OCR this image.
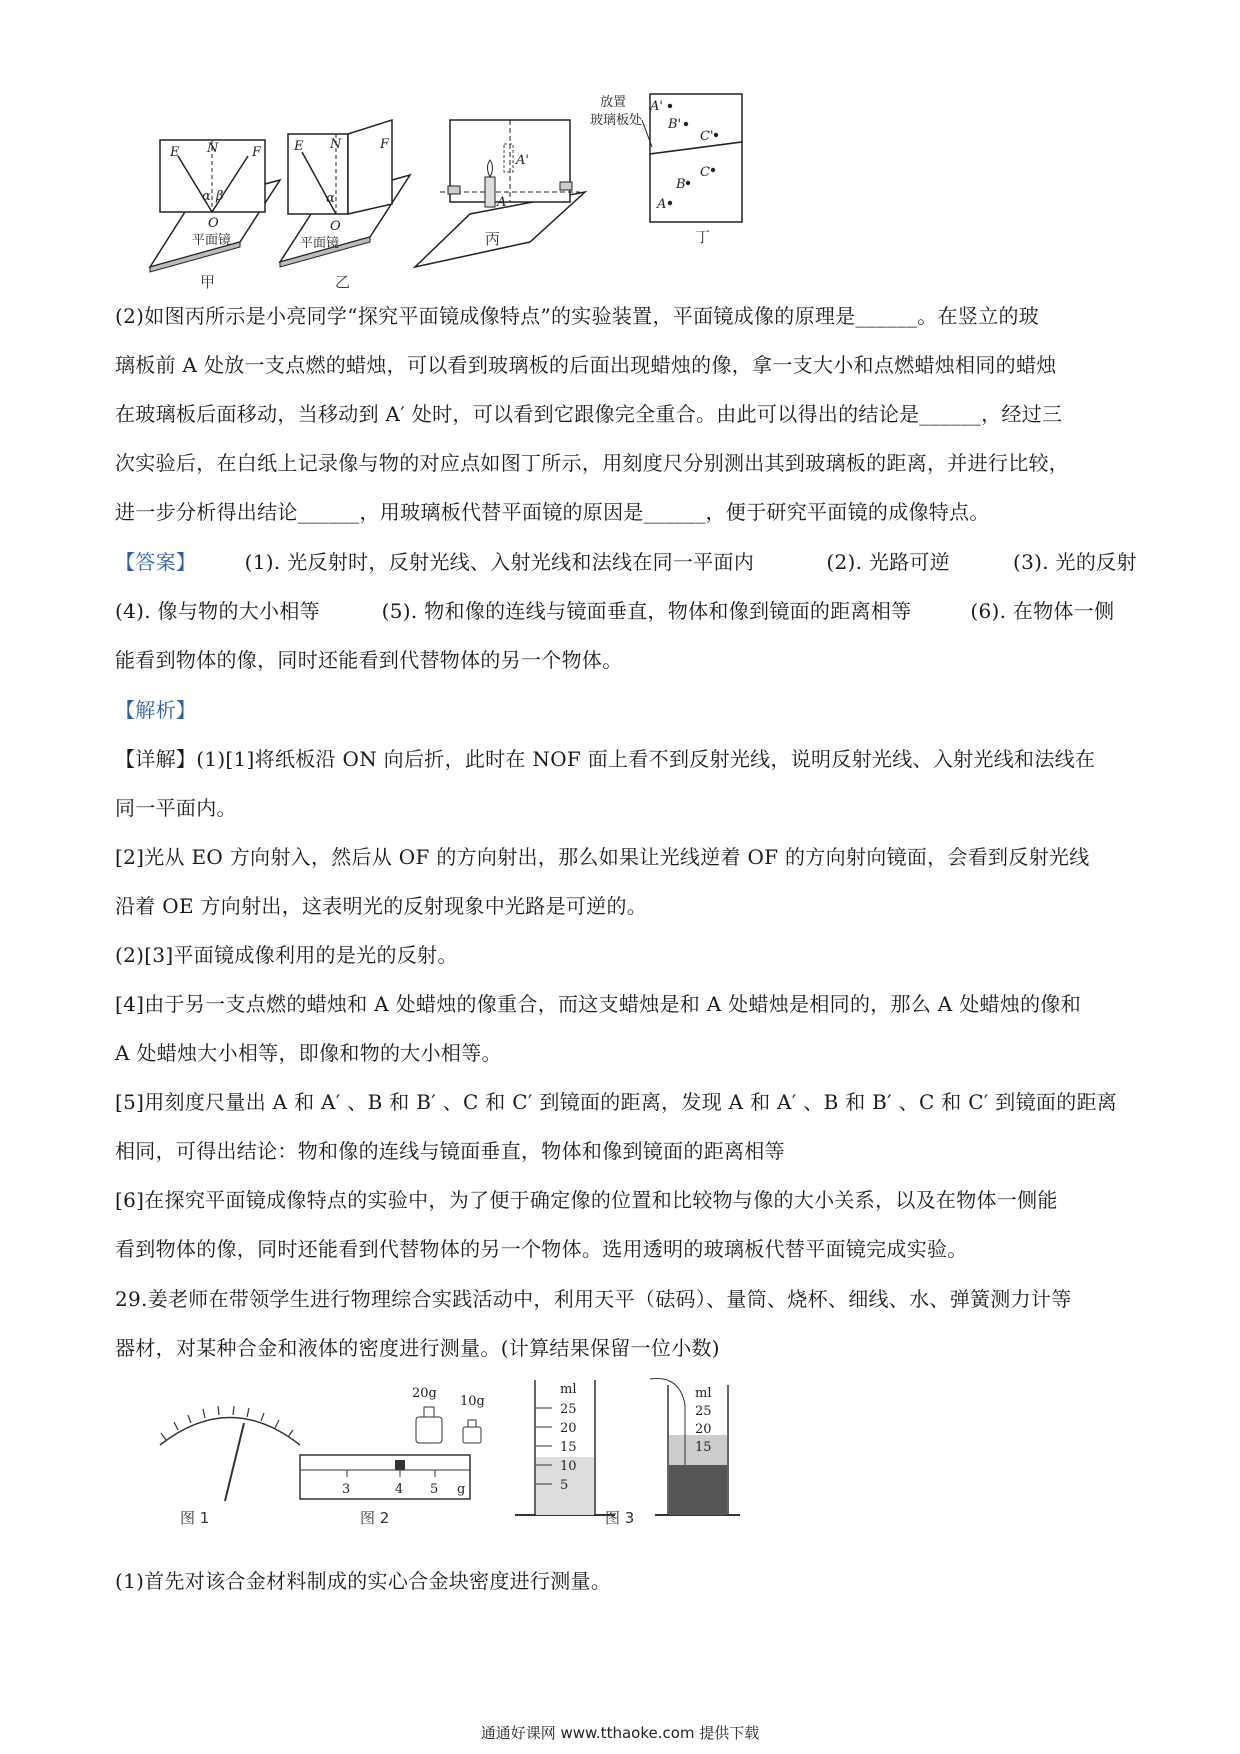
E N	F
α β
O
平面镜
甲
E N	F
α
O
平面镜
乙
A'
A
丙
放置
玻璃板处
A'
B'
C'
C
B
A
丁
(2)如图丙所示是小亮同学“探究平面镜成像特点”的实验装置，平面镜成像的原理是______。在竖立的玻
璃板前 A 处放一支点燃的蜡烛，可以看到玻璃板的后面出现蜡烛的像，拿一支大小和点燃蜡烛相同的蜡烛
在玻璃板后面移动，当移动到 A′ 处时，可以看到它跟像完全重合。由此可以得出的结论是______，经过三
次实验后，在白纸上记录像与物的对应点如图丁所示，用刻度尺分别测出其到玻璃板的距离，并进行比较，
进一步分析得出结论______，用玻璃板代替平面镜的原因是______，便于研究平面镜的成像特点。
【答案】 (1). 光反射时，反射光线、入射光线和法线在同一平面内	(2). 光路可逆	(3). 光的反射
(4). 像与物的大小相等	(5). 物和像的连线与镜面垂直，物体和像到镜面的距离相等	(6). 在物体一侧
能看到物体的像，同时还能看到代替物体的另一个物体。
【解析】
【详解】(1)[1]将纸板沿 ON 向后折，此时在 NOF 面上看不到反射光线，说明反射光线、入射光线和法线在
同一平面内。
[2]光从 EO 方向射入，然后从 OF 的方向射出，那么如果让光线逆着 OF 的方向射向镜面，会看到反射光线
沿着 OE 方向射出，这表明光的反射现象中光路是可逆的。
(2)[3]平面镜成像利用的是光的反射。
[4]由于另一支点燃的蜡烛和 A 处蜡烛的像重合，而这支蜡烛是和 A 处蜡烛是相同的，那么 A 处蜡烛的像和
A 处蜡烛大小相等，即像和物的大小相等。
[5]用刻度尺量出 A 和 A′ 、B 和 B′ 、C 和 C′ 到镜面的距离，发现 A 和 A′ 、B 和 B′ 、C 和 C′ 到镜面的距离
相同，可得出结论：物和像的连线与镜面垂直，物体和像到镜面的距离相等
[6]在探究平面镜成像特点的实验中，为了便于确定像的位置和比较物与像的大小关系，以及在物体一侧能
看到物体的像，同时还能看到代替物体的另一个物体。选用透明的玻璃板代替平面镜完成实验。
29.姜老师在带领学生进行物理综合实践活动中，利用天平（砝码）、量筒、烧杯、细线、水、弹簧测力计等
器材，对某种合金和液体的密度进行测量。(计算结果保留一位小数)
图 1
20g
10g
3	4 5 g
图 2
ml
25
20
15
10
5
图 3
ml
25
20
15
(1)首先对该合金材料制成的实心合金块密度进行测量。
通通好课网 www.tthaoke.com 提供下载
